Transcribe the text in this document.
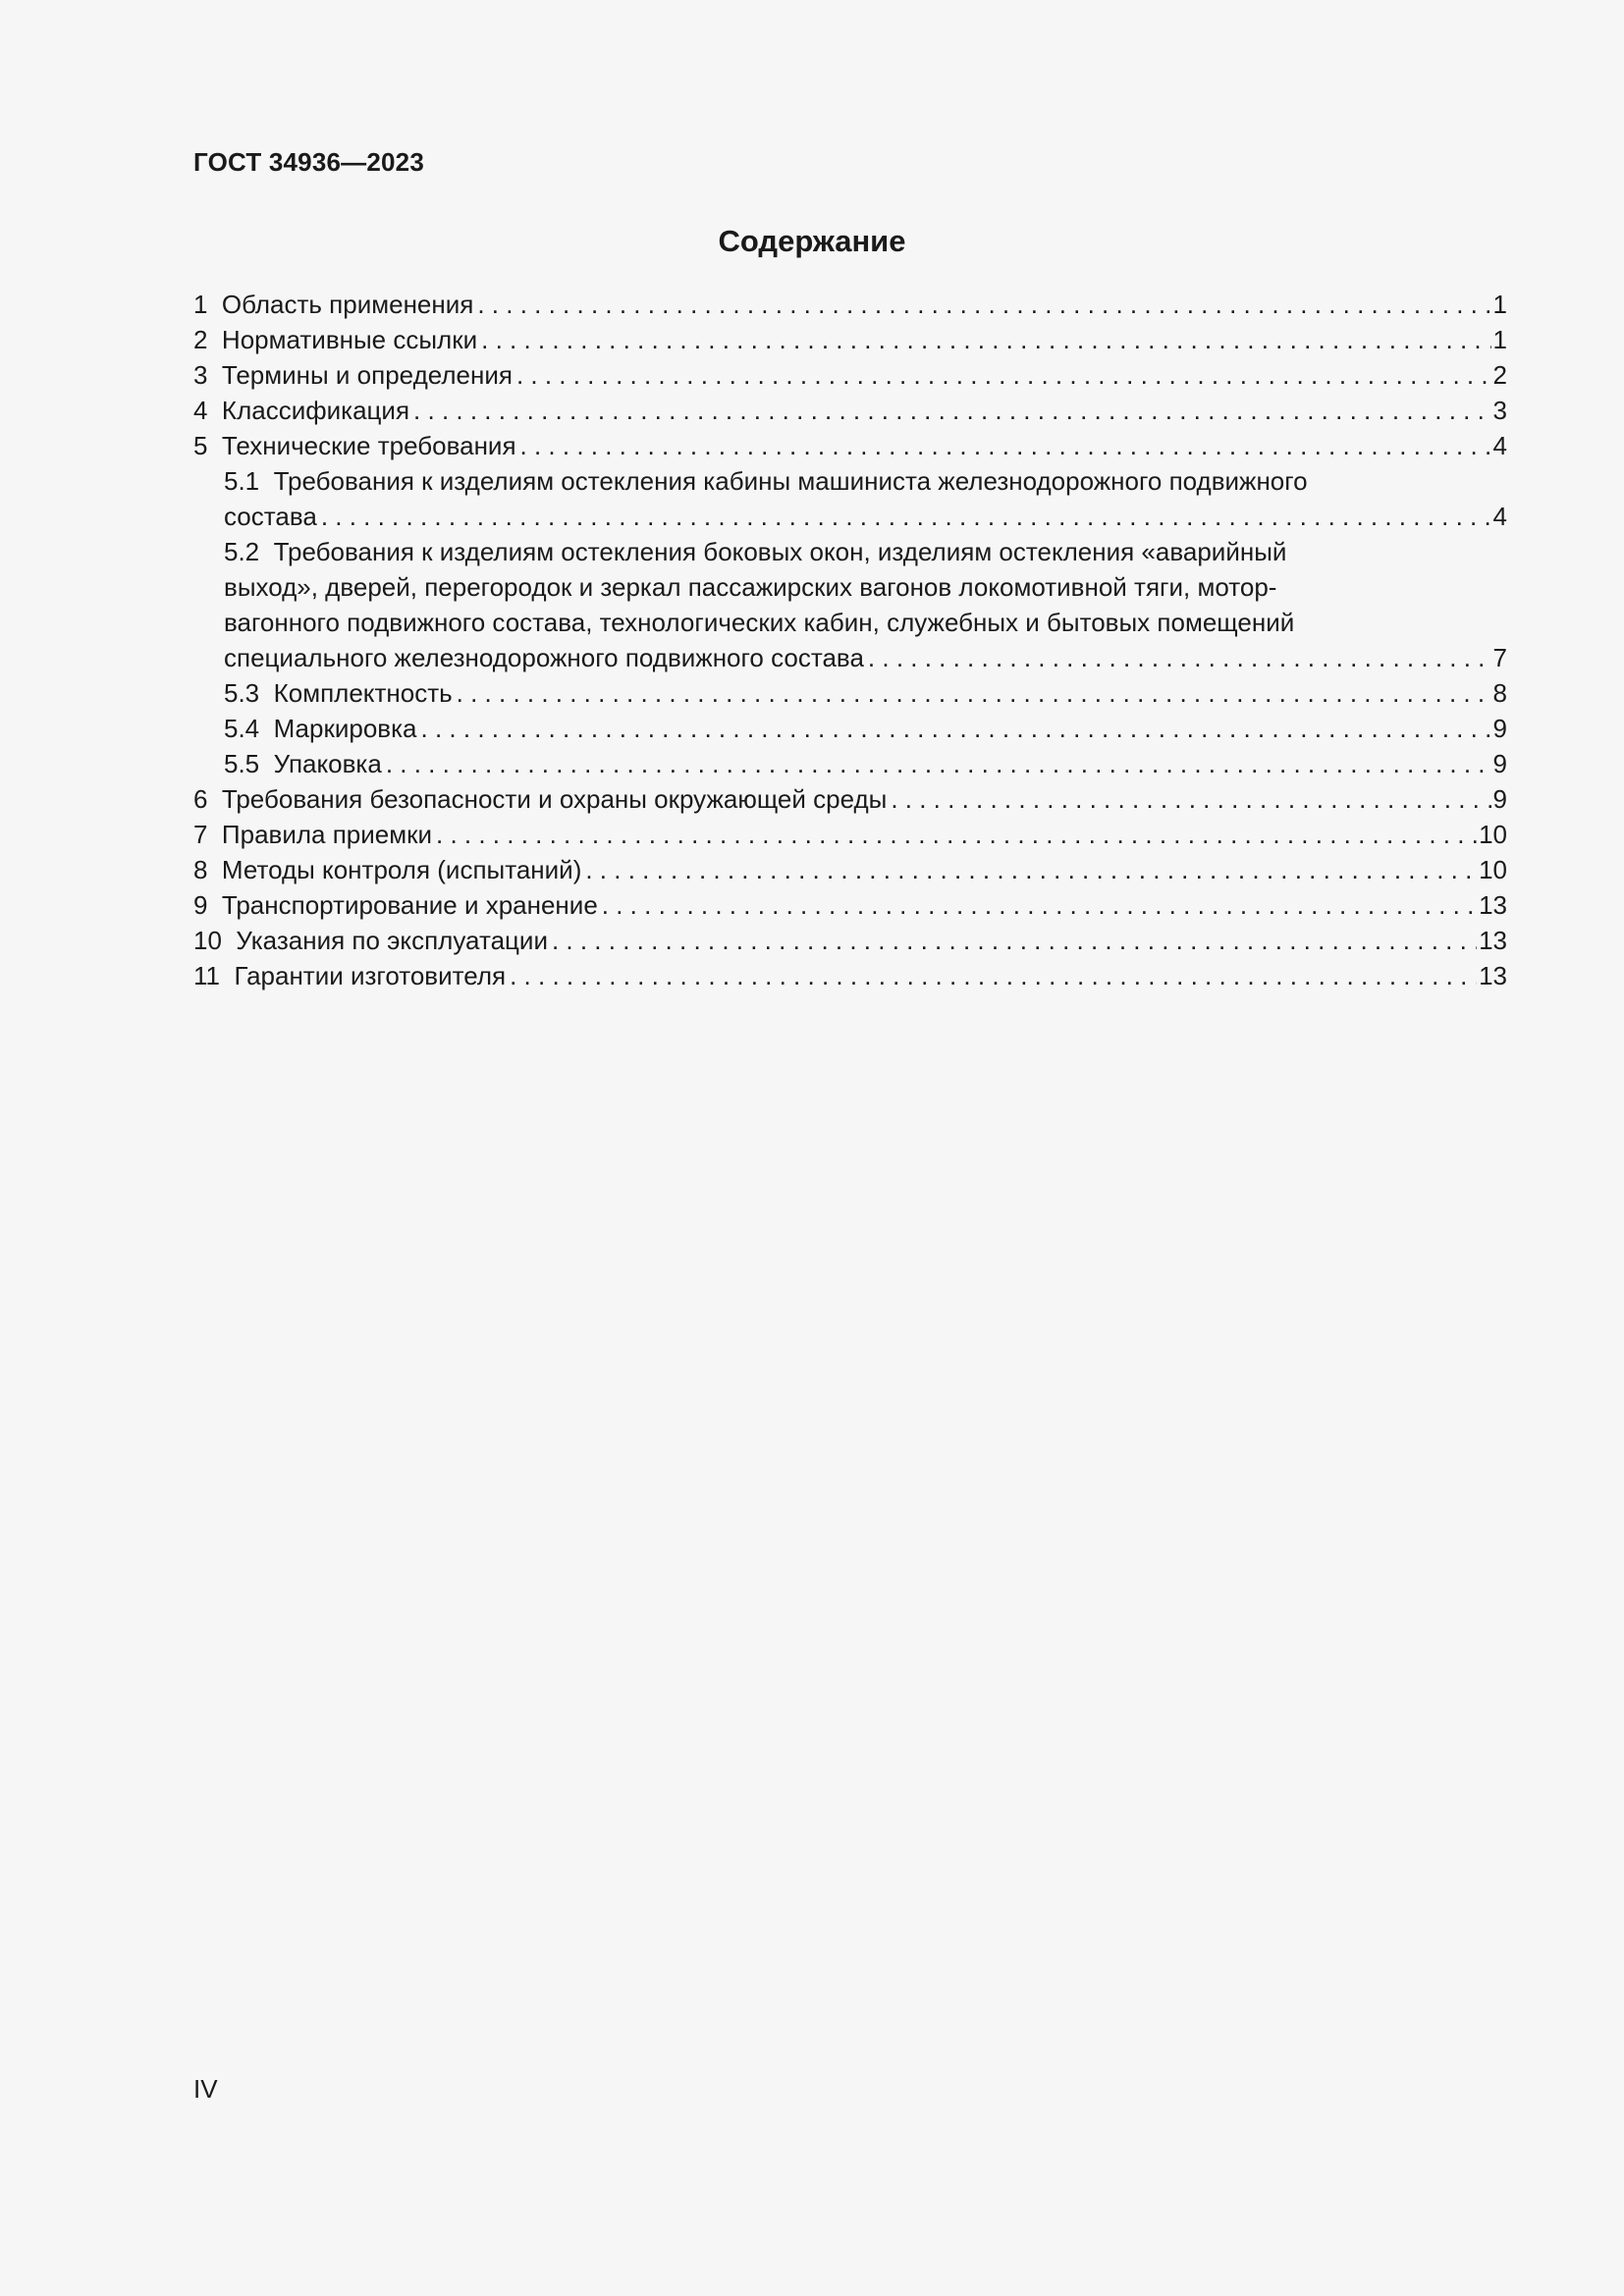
ГОСТ 34936—2023
Содержание
1 Область применения . . .	1
2 Нормативные ссылки . . .	1
3 Термины и определения . . .	2
4 Классификация . . .	3
5 Технические требования . . .	4
5.1 Требования к изделиям остекления кабины машиниста железнодорожного подвижного
состава . . .	4
5.2 Требования к изделиям остекления боковых окон, изделиям остекления «аварийный
выход», дверей, перегородок и зеркал пассажирских вагонов локомотивной тяги, мотор-
вагонного подвижного состава, технологических кабин, служебных и бытовых помещений
специального железнодорожного подвижного состава . . .	7
5.3 Комплектность . . .	8
5.4 Маркировка . . .	9
5.5 Упаковка . . .	9
6 Требования безопасности и охраны окружающей среды . . .	9
7 Правила приемки . . .	10
8 Методы контроля (испытаний) . . .	10
9 Транспортирование и хранение . . .	13
10 Указания по эксплуатации . . .	13
11 Гарантии изготовителя . . .	13
IV
